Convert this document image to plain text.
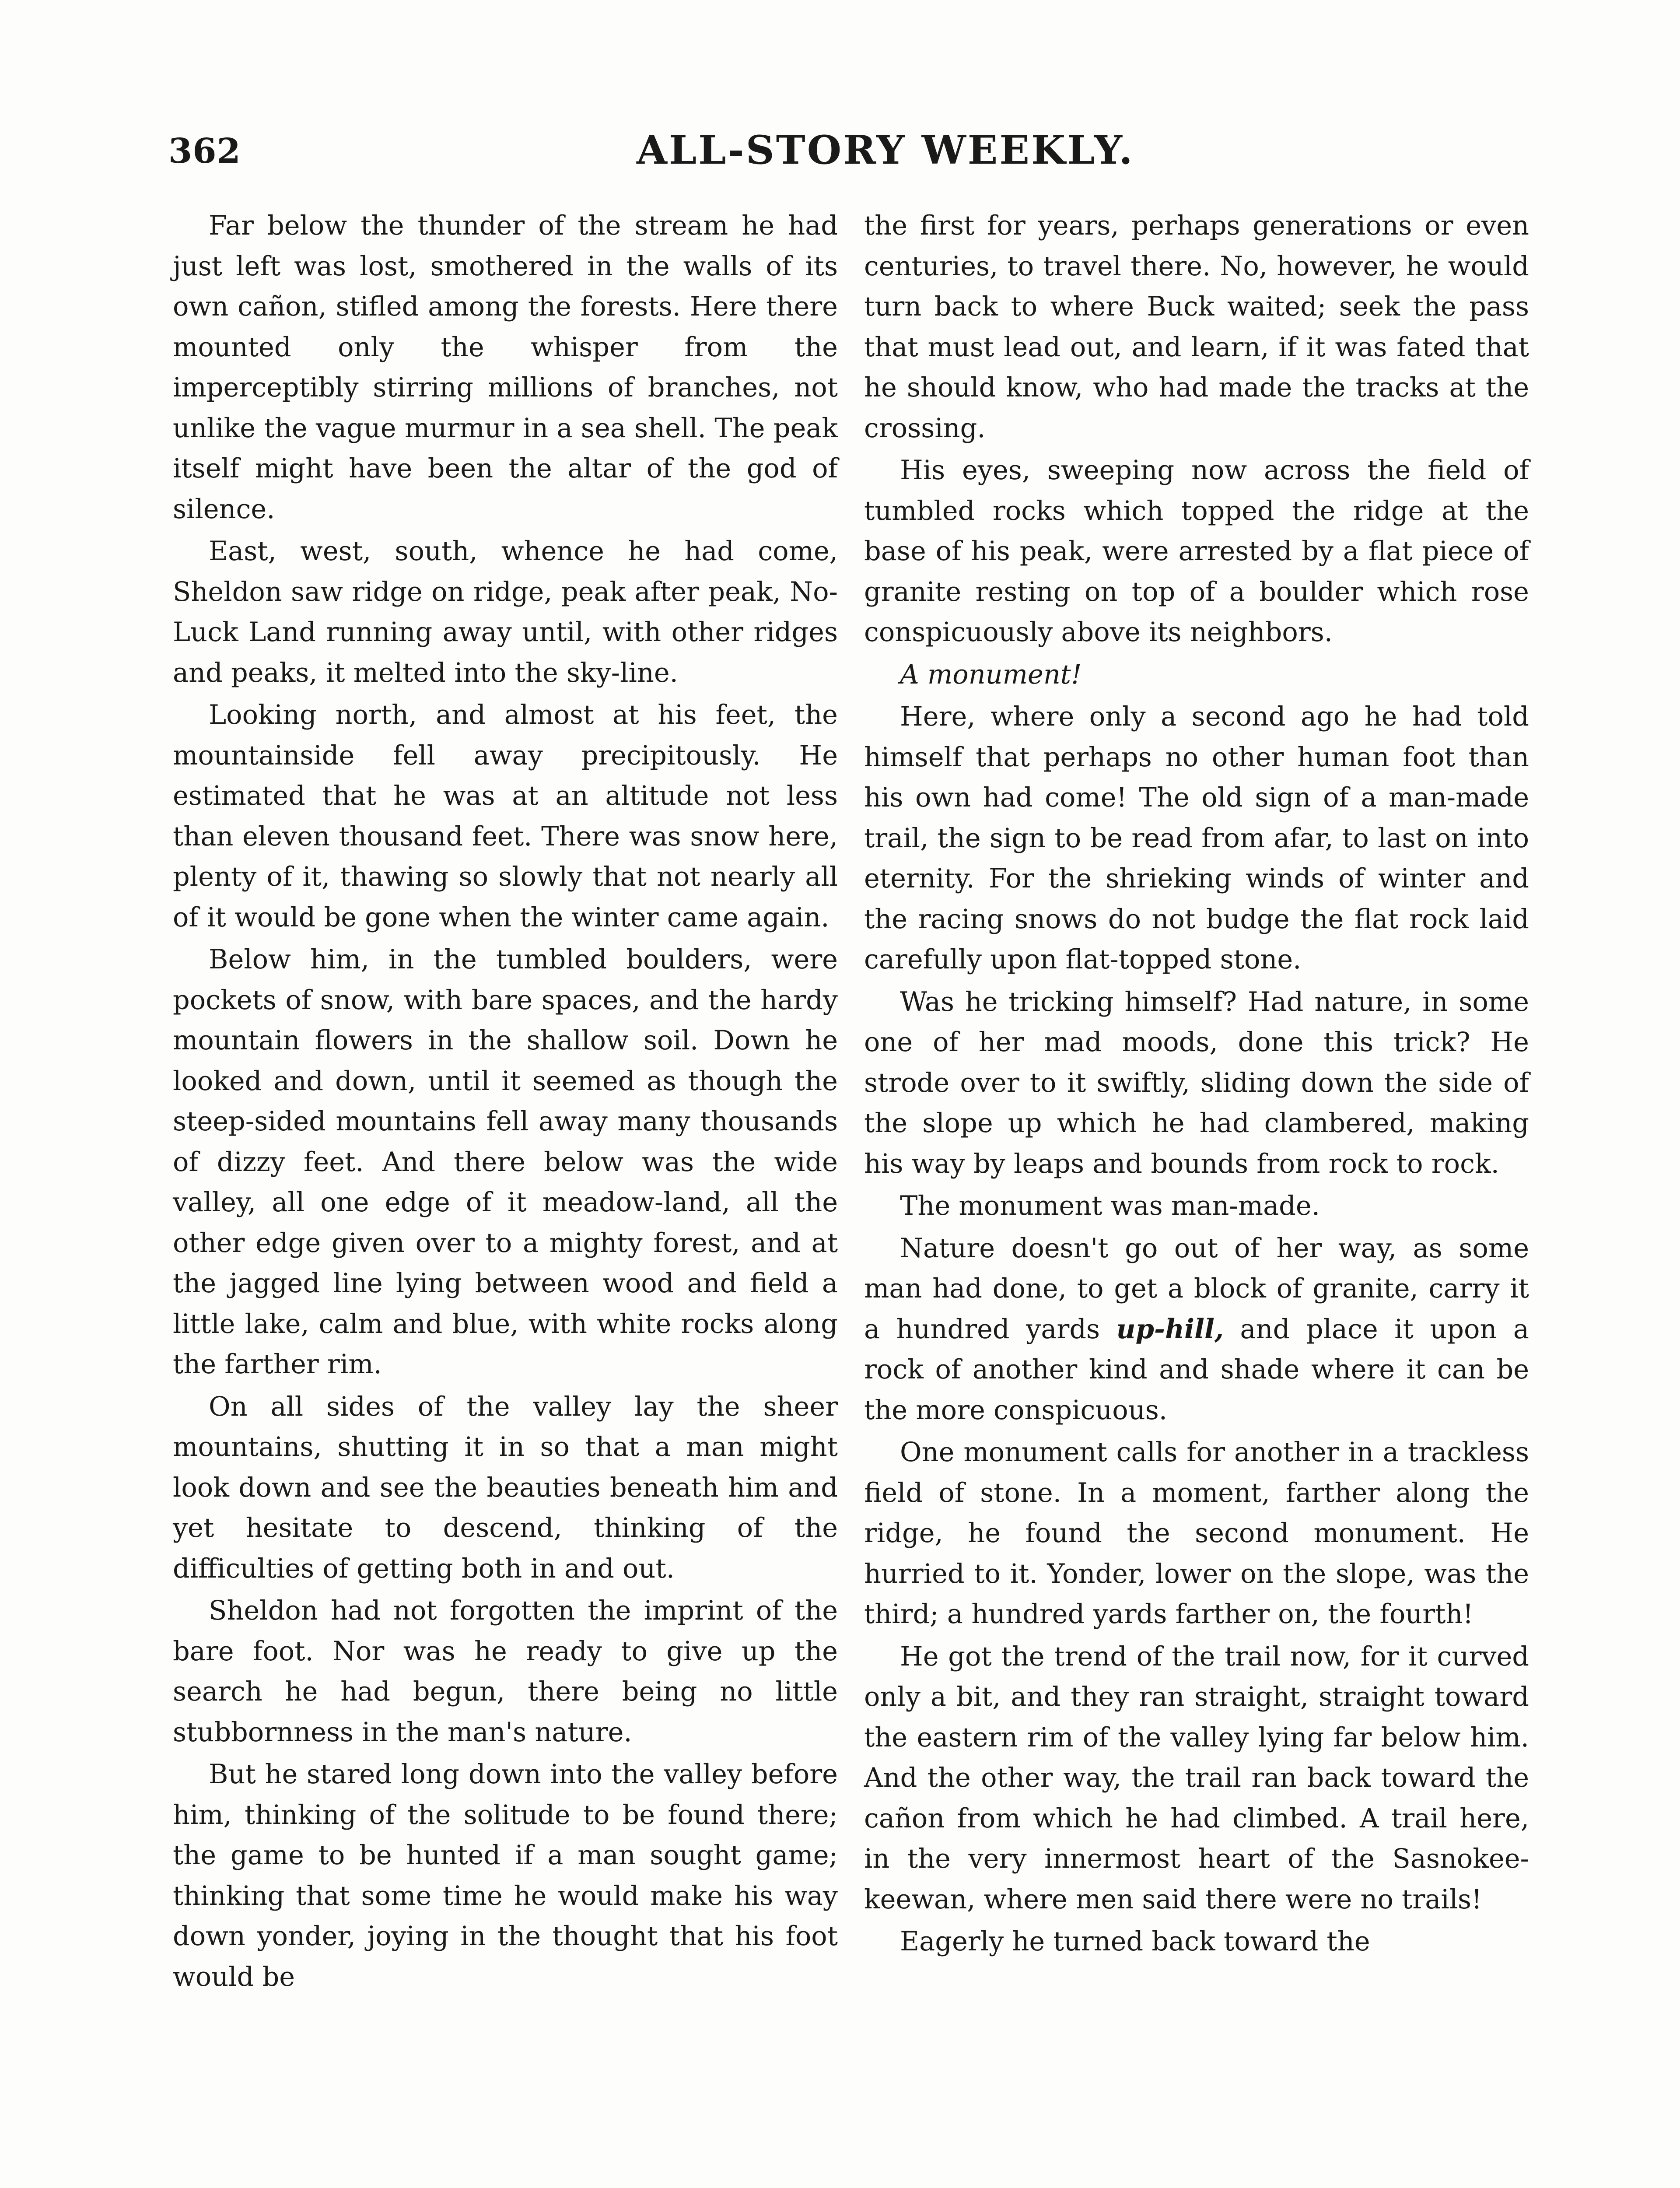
362	ALL-STORY WEEKLY.

Far below the thunder of the stream he had just left was lost, smothered in the walls of its own cañon, stifled among the forests. Here there mounted only the whisper from the imperceptibly stirring millions of branches, not unlike the vague murmur in a sea shell. The peak itself might have been the altar of the god of silence.

East, west, south, whence he had come, Sheldon saw ridge on ridge, peak after peak, No-Luck Land running away until, with other ridges and peaks, it melted into the sky-line.

Looking north, and almost at his feet, the mountainside fell away precipitously. He estimated that he was at an altitude not less than eleven thousand feet. There was snow here, plenty of it, thawing so slowly that not nearly all of it would be gone when the winter came again.

Below him, in the tumbled boulders, were pockets of snow, with bare spaces, and the hardy mountain flowers in the shallow soil. Down he looked and down, until it seemed as though the steep-sided mountains fell away many thousands of dizzy feet. And there below was the wide valley, all one edge of it meadow-land, all the other edge given over to a mighty forest, and at the jagged line lying between wood and field a little lake, calm and blue, with white rocks along the farther rim.

On all sides of the valley lay the sheer mountains, shutting it in so that a man might look down and see the beauties beneath him and yet hesitate to descend, thinking of the difficulties of getting both in and out.

Sheldon had not forgotten the imprint of the bare foot. Nor was he ready to give up the search he had begun, there being no little stubbornness in the man's nature.

But he stared long down into the valley before him, thinking of the solitude to be found there; the game to be hunted if a man sought game; thinking that some time he would make his way down yonder, joying in the thought that his foot would be

the first for years, perhaps generations or even centuries, to travel there. No, however, he would turn back to where Buck waited; seek the pass that must lead out, and learn, if it was fated that he should know, who had made the tracks at the crossing.

His eyes, sweeping now across the field of tumbled rocks which topped the ridge at the base of his peak, were arrested by a flat piece of granite resting on top of a boulder which rose conspicuously above its neighbors.

A monument!

Here, where only a second ago he had told himself that perhaps no other human foot than his own had come! The old sign of a man-made trail, the sign to be read from afar, to last on into eternity. For the shrieking winds of winter and the racing snows do not budge the flat rock laid carefully upon flat-topped stone.

Was he tricking himself? Had nature, in some one of her mad moods, done this trick? He strode over to it swiftly, sliding down the side of the slope up which he had clambered, making his way by leaps and bounds from rock to rock.

The monument was man-made.

Nature doesn't go out of her way, as some man had done, to get a block of granite, carry it a hundred yards up-hill, and place it upon a rock of another kind and shade where it can be the more conspicuous.

One monument calls for another in a trackless field of stone. In a moment, farther along the ridge, he found the second monument. He hurried to it. Yonder, lower on the slope, was the third; a hundred yards farther on, the fourth!

He got the trend of the trail now, for it curved only a bit, and they ran straight, straight toward the eastern rim of the valley lying far below him. And the other way, the trail ran back toward the cañon from which he had climbed. A trail here, in the very innermost heart of the Sasnokee-keewan, where men said there were no trails!

Eagerly he turned back toward the
